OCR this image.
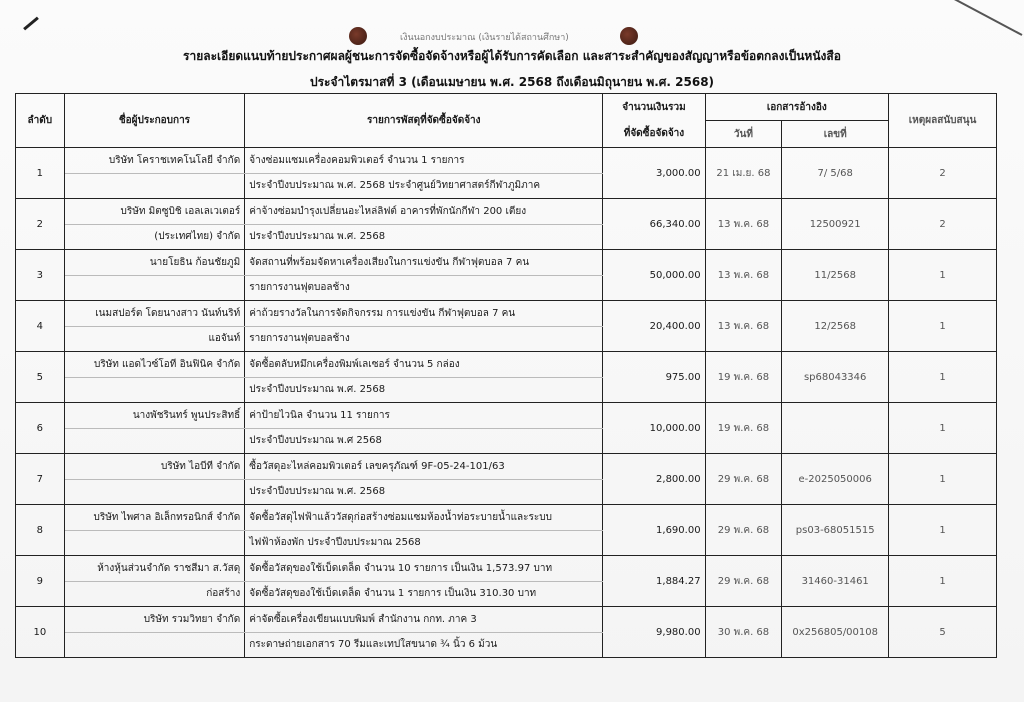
เงินนอกงบประมาณ (เงินรายได้สถานศึกษา)
รายละเอียดแนบท้ายประกาศผลผู้ชนะการจัดซื้อจัดจ้างหรือผู้ได้รับการคัดเลือก และสาระสำคัญของสัญญาหรือข้อตกลงเป็นหนังสือ
ประจำไตรมาสที่ 3 (เดือนเมษายน พ.ศ. 2568 ถึงเดือนมิถุนายน พ.ศ. 2568)
ลำดับ	ชื่อผู้ประกอบการ	รายการพัสดุที่จัดซื้อจัดจ้าง	จำนวนเงินรวม	เอกสารอ้างอิง		เหตุผลสนับสนุน
			ที่จัดซื้อจัดจ้าง	วันที่	เลขที่	
1	บริษัท โคราชเทคโนโลยี จำกัด	จ้างซ่อมแซมเครื่องคอมพิวเตอร์ จำนวน 1 รายการ	3,000.00	21 เม.ย. 68	7/ 5/68	2
		ประจำปีงบประมาณ พ.ศ. 2568 ประจำศูนย์วิทยาศาสตร์กีฬาภูมิภาค				
2	บริษัท มิตซูบิชิ เอลเลเวเตอร์	ค่าจ้างซ่อมบำรุงเปลี่ยนอะไหล่ลิฟต์ อาคารที่พักนักกีฬา 200 เตียง	66,340.00	13 พ.ค. 68	12500921	2
	(ประเทศไทย) จำกัด	ประจำปีงบประมาณ พ.ศ. 2568				
3	นายโยธิน ก้อนชัยภูมิ	จัดสถานที่พร้อมจัดหาเครื่องเสียงในการแข่งขัน กีฬาฟุตบอล 7 คน	50,000.00	13 พ.ค. 68	11/2568	1
		รายการงานฟุตบอลช้าง				
4	เนมสปอร์ต โดยนางสาว นันท์นริท์	ค่าถ้วยรางวัลในการจัดกิจกรรม การแข่งขัน กีฬาฟุตบอล 7 คน	20,400.00	13 พ.ค. 68	12/2568	1
	แอจันท์	รายการงานฟุตบอลช้าง				
5	บริษัท แอดไวซ์โอที อินฟินิค จำกัด	จัดซื้อตลับหมึกเครื่องพิมพ์เลเซอร์ จำนวน 5 กล่อง	975.00	19 พ.ค. 68	sp68043346	1
		ประจำปีงบประมาณ พ.ศ. 2568				
6	นางพัชรินทร์ พูนประสิทธิ์	ค่าป้ายไวนิล จำนวน 11 รายการ	10,000.00	19 พ.ค. 68		1
		ประจำปีงบประมาณ พ.ศ 2568				
7	บริษัท ไอบีที จำกัด	ซื้อวัสดุอะไหล่คอมพิวเตอร์ เลขครุภัณฑ์ 9F-05-24-101/63	2,800.00	29 พ.ค. 68	e-2025050006	1
		ประจำปีงบประมาณ พ.ศ. 2568				
8	บริษัท ไพศาล อิเล็กทรอนิกส์ จำกัด	จัดซื้อวัสดุไฟฟ้าแล้ววัสดุก่อสร้างซ่อมแซมห้องน้ำท่อระบายน้ำและระบบ	1,690.00	29 พ.ค. 68	ps03-68051515	1
		ไฟฟ้าห้องพัก ประจำปีงบประมาณ 2568				
9	ห้างหุ้นส่วนจำกัด ราชสีมา ส.วัสดุ	จัดซื้อวัสดุของใช้เบ็ดเตล็ด จำนวน 10 รายการ เป็นเงิน 1,573.97 บาท	1,884.27	29 พ.ค. 68	31460-31461	1
	ก่อสร้าง	จัดซื้อวัสดุของใช้เบ็ดเตล็ด จำนวน 1 รายการ เป็นเงิน 310.30 บาท				
10	บริษัท รวมวิทยา จำกัด	ค่าจัดซื้อเครื่องเขียนแบบพิมพ์ สำนักงาน กกท. ภาค 3	9,980.00	30 พ.ค. 68	0x256805/00108	5
		กระดาษถ่ายเอกสาร 70 รีมและเทปใสขนาด ¾ นิ้ว 6 ม้วน				
